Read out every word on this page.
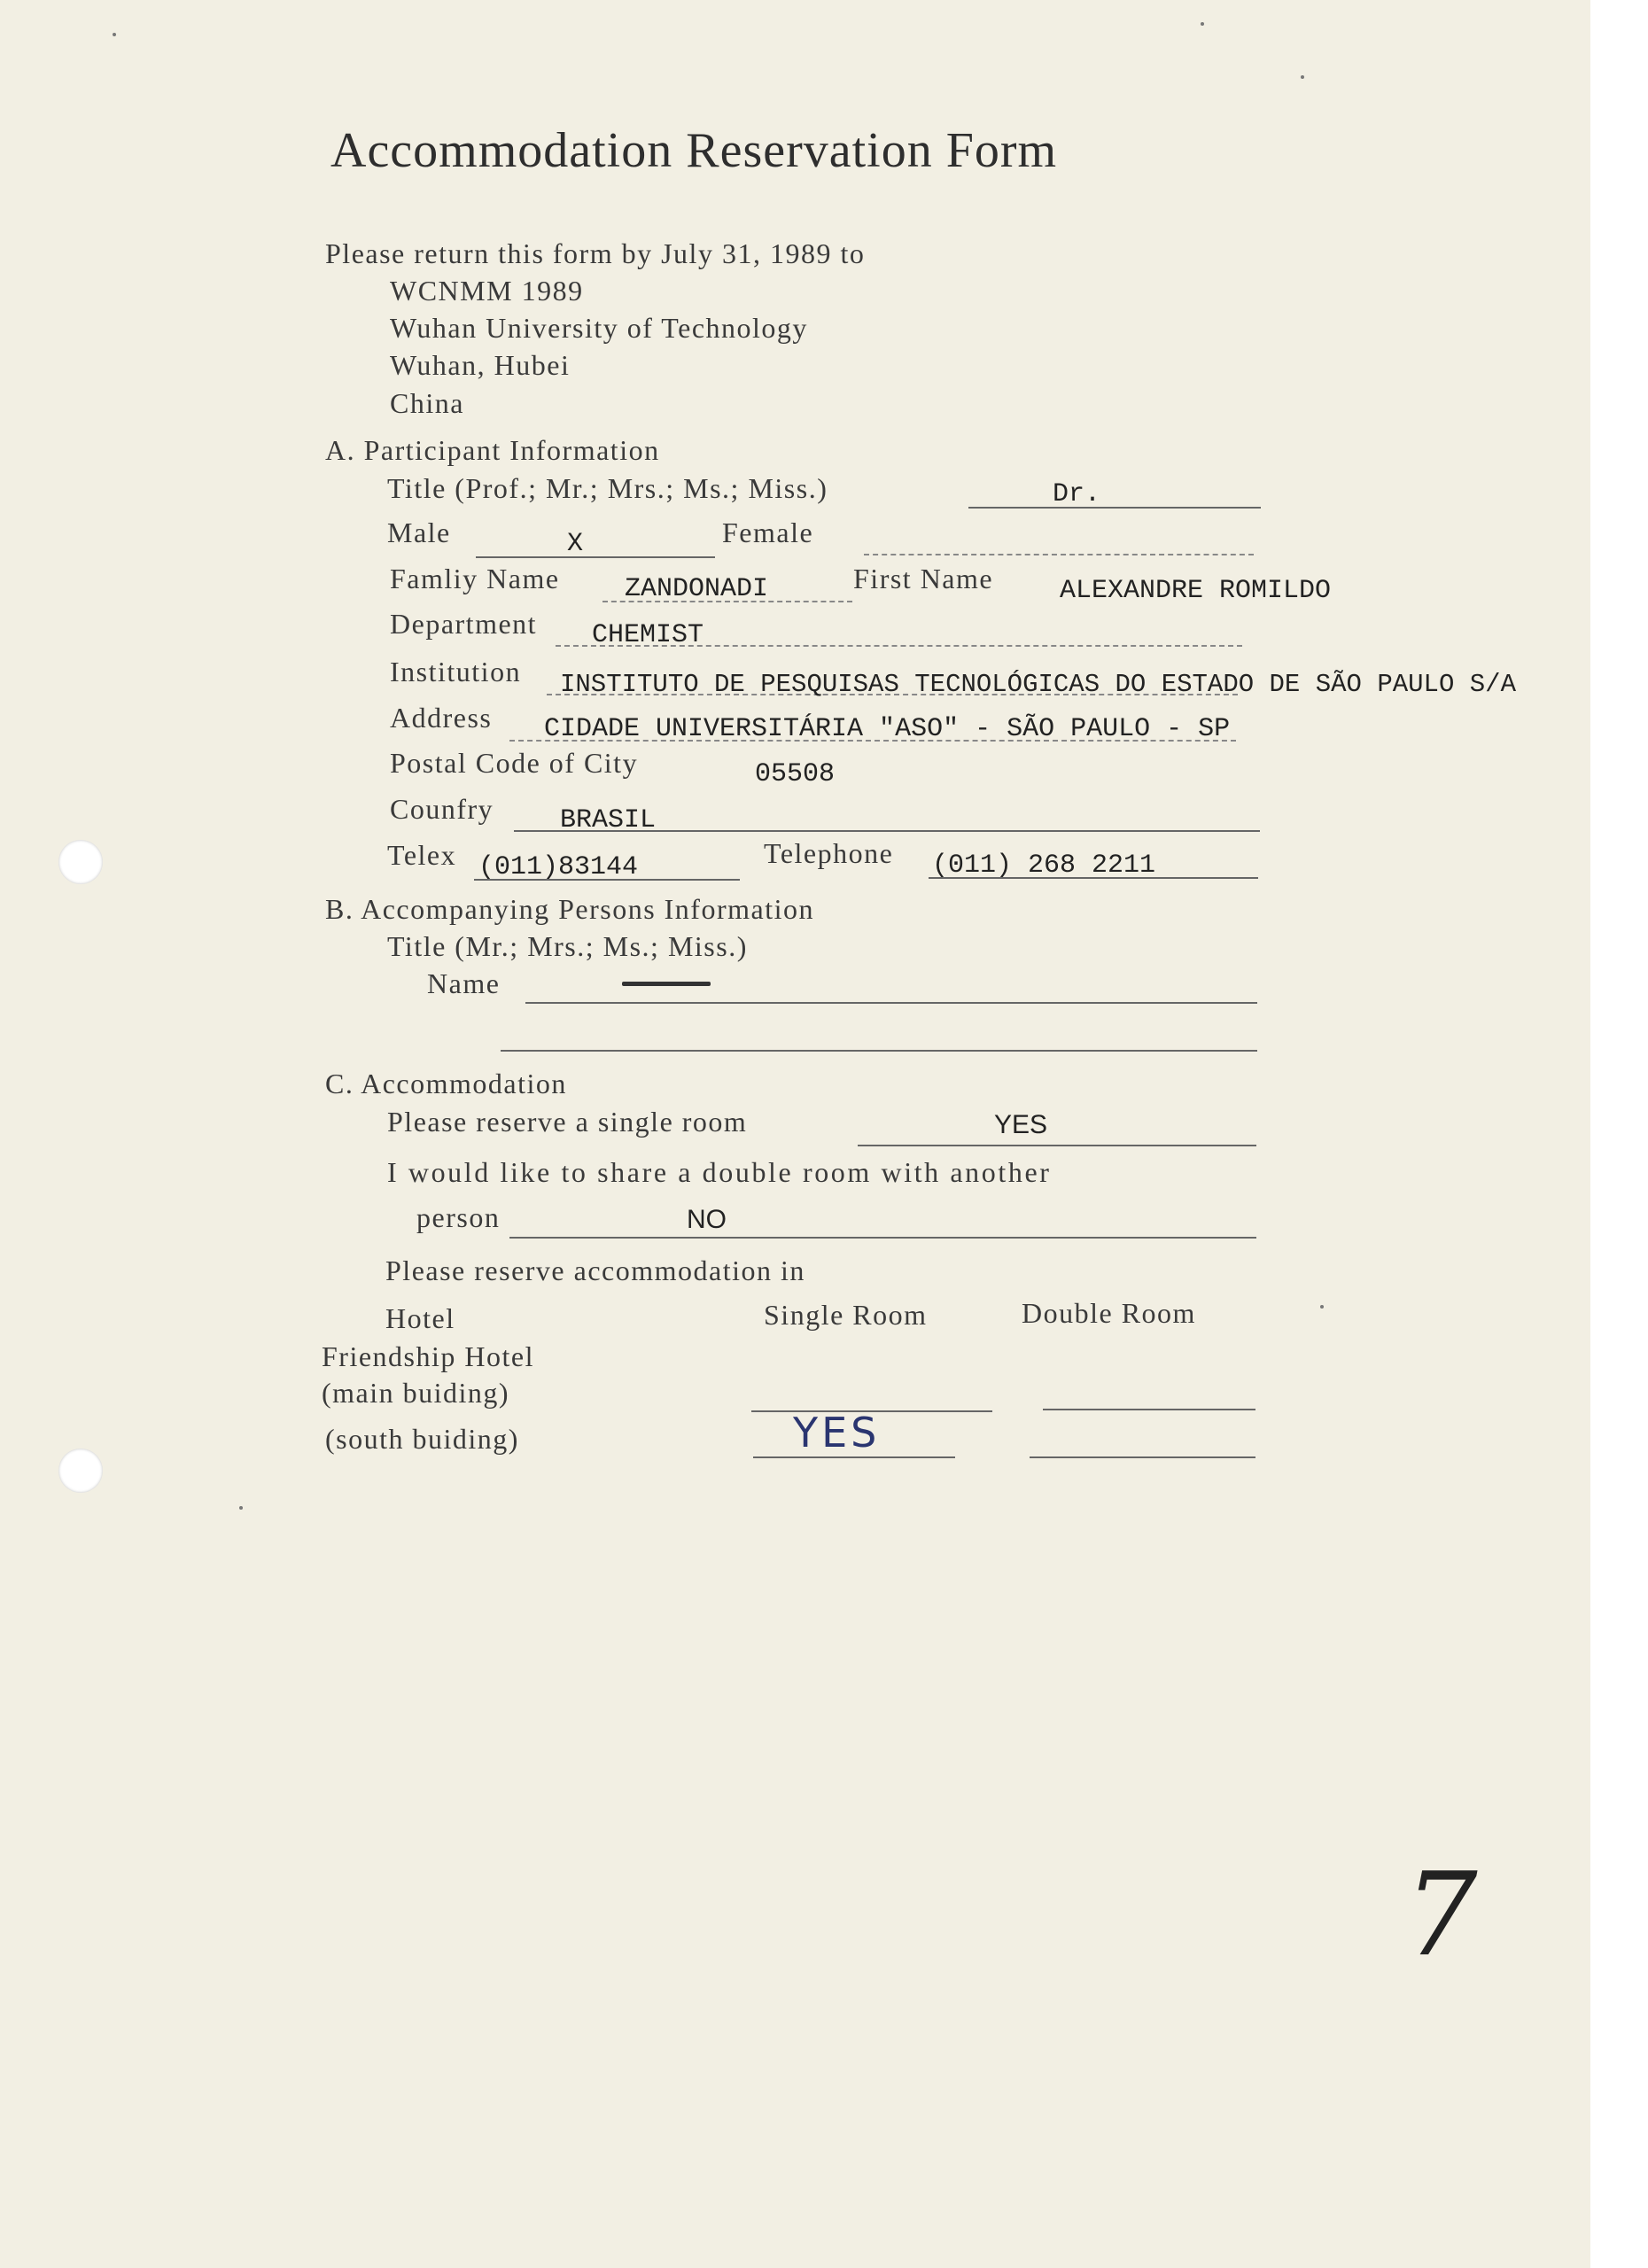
Accommodation Reservation Form
Please return this form by July 31, 1989 to
WCNMM 1989
Wuhan University of Technology
Wuhan, Hubei
China
A. Participant Information
Title (Prof.; Mr.; Mrs.; Ms.; Miss.)	Dr.
Male	X	Female
Famliy Name ZANDONADI	First Name ALEXANDRE ROMILDO
Department CHEMIST
Institution INSTITUTO DE PESQUISAS TECNOLÓGICAS DO ESTADO DE SÃO PAULO S/A
Address CIDADE UNIVERSITÁRIA "ASO" - SÃO PAULO - SP
Postal Code of City	05508
Counfry BRASIL
Telex (011)83144	Telephone (011) 268 2211
B. Accompanying Persons Information
Title (Mr.; Mrs.; Ms.; Miss.)
Name
C. Accommodation
Please reserve a single room	YES
I would like to share a double room with another
person	NO
Please reserve accommodation in
Hotel	Single Room	Double Room
Friendship Hotel
(main buiding)
(south buiding)	YES
7
